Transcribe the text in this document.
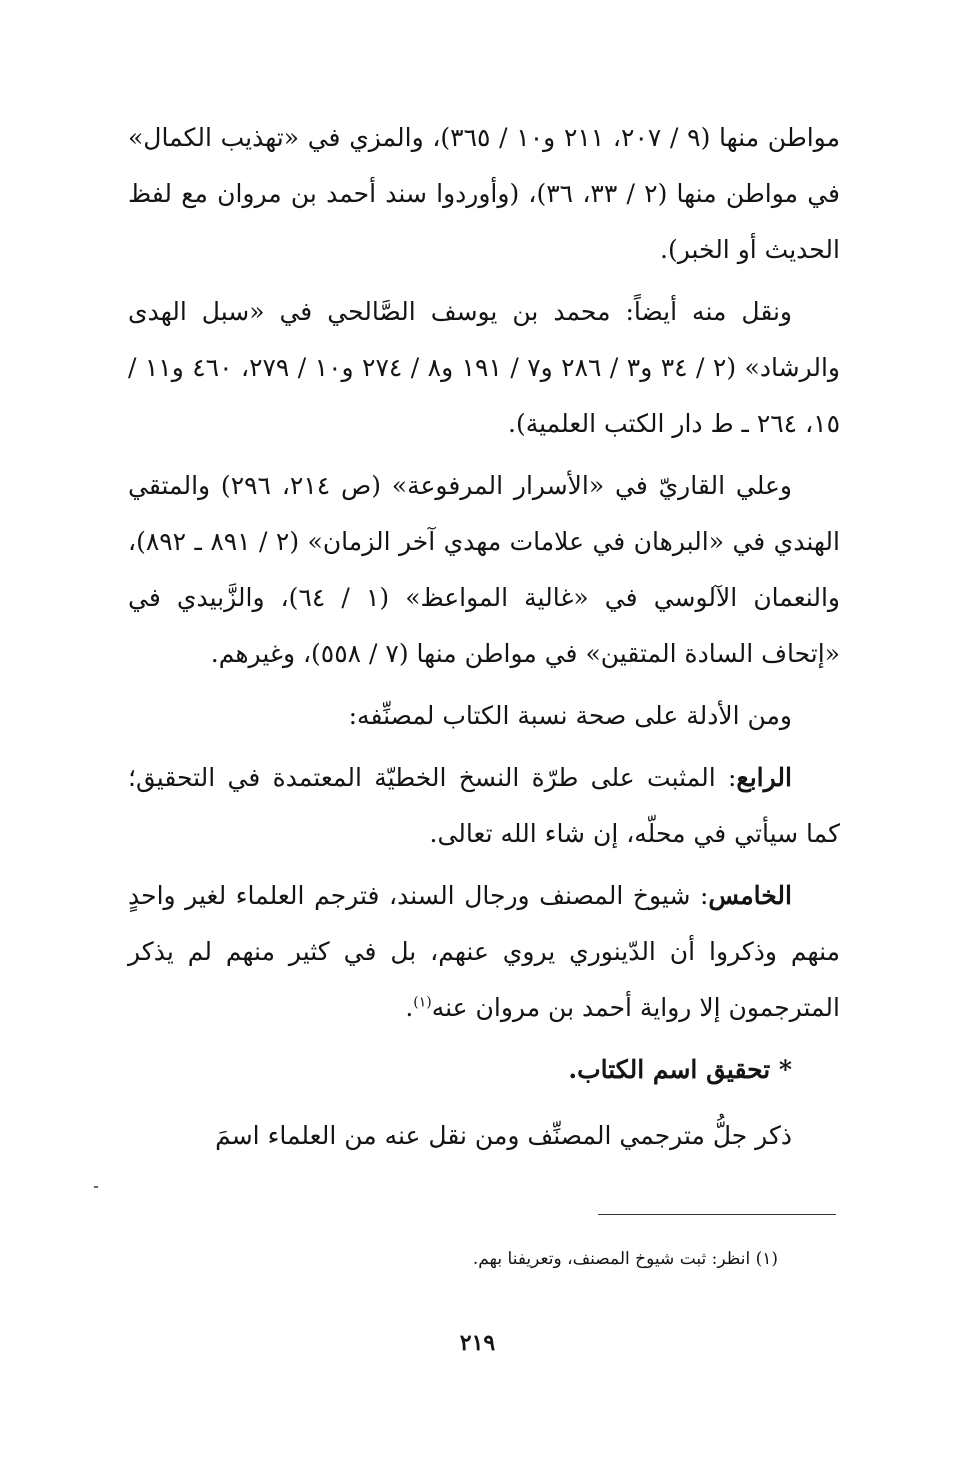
مواطن منها (٩ / ٢٠٧، ٢١١ و١٠ / ٣٦٥)، والمزي في «تهذيب الكمال» في مواطن منها (٢ / ٣٣، ٣٦)، (وأوردوا سند أحمد بن مروان مع لفظ الحديث أو الخبر).

ونقل منه أيضاً: محمد بن يوسف الصَّالحي في «سبل الهدى والرشاد» (٢ / ٣٤ و٣ / ٢٨٦ و٧ / ١٩١ و٨ / ٢٧٤ و١٠ / ٢٧٩، ٤٦٠ و١١ / ١٥، ٢٦٤ ـ ط دار الكتب العلمية).

وعلي القاريّ في «الأسرار المرفوعة» (ص ٢١٤، ٢٩٦) والمتقي الهندي في «البرهان في علامات مهدي آخر الزمان» (٢ / ٨٩١ ـ ٨٩٢)، والنعمان الآلوسي في «غالية المواعظ» (١ / ٦٤)، والزَّبيدي في «إتحاف السادة المتقين» في مواطن منها (٧ / ٥٥٨)، وغيرهم.

ومن الأدلة على صحة نسبة الكتاب لمصنِّفه:

الرابع: المثبت على طرّة النسخ الخطيّة المعتمدة في التحقيق؛ كما سيأتي في محلّه، إن شاء الله تعالى.

الخامس: شيوخ المصنف ورجال السند، فترجم العلماء لغير واحدٍ منهم وذكروا أن الدّينوري يروي عنهم، بل في كثير منهم لم يذكر المترجمون إلا رواية أحمد بن مروان عنه$^{(١)}$.

* تحقيق اسم الكتاب.

ذكر جلُّ مترجمي المصنِّف ومن نقل عنه من العلماء اسمَ

(١) انظر: ثبت شيوخ المصنف، وتعريفنا بهم.
٢١٩
